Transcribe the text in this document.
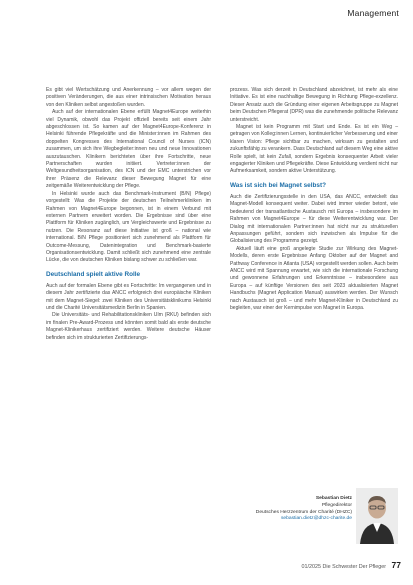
Management

Es gibt viel Wertschätzung und Anerkennung – vor allem wegen der positiven Veränderungen, die aus einer intrinsischen Motivation heraus von den Kliniken selbst angestoßen wurden.

Auch auf der internationalen Ebene erfüllt Magnet4Europe weiterhin viel Dynamik, obwohl das Projekt offiziell bereits seit einem Jahr abgeschlossen ist. So kamen auf der Magnet4Europe-Konferenz in Helsinki führende Pflegekräfte und die Minister:innen im Rahmen des doppelten Kongresses des International Council of Nurses (ICN) zusammen, um sich ihre Wegbegleiter:innen neu und neue Innovationen auszutauschen. Klinikern berichteten über ihre Fortschritte, neue Partnerschaften wurden initiiert. Vertreter:innen der Weltgesundheitsorganisation, des ICN und der EMC unterstrichen vor ihrer Präsenz die Relevanz dieser Bewegung Magnet für eine zeitgemäße Weiterentwicklung der Pflege.

In Helsinki wurde auch das Benchmark-Instrument (B/N) Pflege) vorgestellt: Was die Projekte der deutschen Teilnehmerkliniken im Rahmen von Magnet4Europe begonnen, ist in einem Verbund mit externen Partnern erweitert worden. Die Ergebnisse sind über eine Plattform für Kliniken zugänglich, um Vergleichswerte und Ergebnisse zu nutzen. Die Resonanz auf diese Initiative ist groß – national wie international. B/N Pflege positioniert sich zunehmend als Plattform für Outcome-Messung, Datenintegration und Benchmark-basierte Organisationsentwicklung. Damit schließt sich zunehmend eine zentrale Lücke, die von deutschen Kliniken bislang schwer zu schließen war.

Deutschland spielt aktive Rolle

Auch auf der formalen Ebene gibt es Fortschritte: Im vergangenen und in diesem Jahr zertifizierte das ANCC erfolgreich drei europäische Kliniken mit dem Magnet-Siegel: zwei Kliniken des Universitätsklinikums Helsinki und die Charité Universitätsmedizin Berlin in Spanien.

Die Universitäts- und Rehabilitationskliniken Ulm (RKU) befinden sich im finalen Pre-Award-Prozess und könnten somit bald als erste deutsche Magnet-Klinikerhaus zertifiziert werden. Weitere deutsche Häuser befinden sich im strukturierten Zertifizierungs-

prozess. Was sich derzeit in Deutschland abzeichnet, ist mehr als eine Initiative. Es ist eine nachhaltige Bewegung in Richtung Pflege-exzellenz. Dieser Ansatz auch die Gründung einer eigenen Arbeitsgruppe zu Magnet beim Deutschen Pflegerat (DPR) was die zunehmende politische Relevanz unterstreicht.

Magnet ist kein Programm mit Start und Ende. Es ist ein Weg – getragen von Kolleg:innen Lernen, kontinuierlicher Verbesserung und einer klaren Vision: Pflege sichtbar zu machen, wirksam zu gestalten und zukunftsfähig zu verankern. Dass Deutschland auf diesem Weg eine aktive Rolle spielt, ist kein Zufall, sondern Ergebnis konsequenter Arbeit vieler engagierter Kliniken und Pflegekräfte. Diese Entwicklung verdient nicht nur Aufmerksamkeit, sondern aktive Unterstützung.

Was ist sich bei Magnet selbst?

Auch die Zertifizierungsstelle in den USA, das ANCC, entwickelt das Magnet-Modell konsequent weiter. Dabei wird immer wieder betont, wie bedeutend der transatlantische Austausch mit Europa – insbesondere im Rahmen von Magnet4Europe – für diese Weiterentwicklung war. Der Dialog mit internationalen Partner:innen hat nicht nur zu strukturellen Anpassungen geführt, sondern sich inzwischen als Impulse für die Globalisierung des Programms gezeigt.

Aktuell läuft eine groß angelegte Studie zur Wirkung des Magnet-Modells, deren erste Ergebnisse Anfang Oktober auf der Magnet and Pathway Conference in Atlanta (USA) vorgestellt werden sollen. Auch beim ANCC wird mit Spannung erwartet, wie sich die internationale Forschung und gewonnene Erfahrungen und Erkenntnisse – insbesondere aus Europa – auf künftige Versionen des seit 2023 aktualisierten Magnet Handbuchs (Magnet Application Manual) auswirken werden. Der Wunsch nach Austausch ist groß – und mehr Magnet-Kliniker in Deutschland zu begleiten, war einer der Kernimpulse von Magnet in Europa.

Sebastian Dietz
Pflegedirektor
Deutsches Herzzentrum der Charité (DHZC)
sebastian.dietz@dhzc-charite.de
01/2025 Die Schwester Der Pfleger 77
